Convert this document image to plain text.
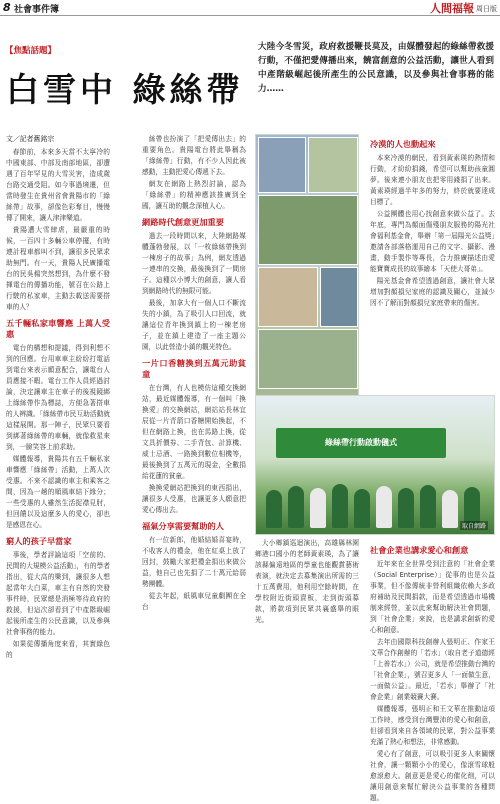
8 社會事件簿	人間福報 周日版
【焦點話題】
白雪中 綠絲帶
大陸今冬雪災，政府救援鞭長莫及，由媒體發起的綠絲帶救援行動，不僅把愛傳播出來，饒富創意的公益活動，讓世人看到中產階級崛起後所產生的公民意識，以及參與社會事務的能力……
文／記者舊銘宗

春節前，本來多天當不太寧冷的中國東部、中部及南部地區，卻遭遇了百年罕見的大雪災害，造成歲台路交通受阻。如今事過境遷，但當時發生在貴州省會貴陽市的「綠絲帶」故事，卻像色彩奪目，慢慢傳了開來，讓人津津樂道。

貴陽遭大雪肆虐，最嚴重的時候，一百四十多輛公車停擺，有時連計程車都叫不到，讓很多民眾求助無門。有一天，貴陽人民廣播電台的民吳楊突然想到，為什麼不發揮電台的傳播功能，號召在公路上行駛的私家車，主動去載送需要搭車的人？

五千輛私家車響應 上萬人受惠

電台的構想和提議，得到利想不到的回應。台用車車主紛紛打電話到電台來表示願意配合，讓電台人員應接不暇。電台工作人員經過討論，決定讓車主在車子的後視鏡綁上綠絲帶作為標誌，方便急著搭車的人辨識。「綠絲帶市民互助活動就這樣展開。那一陣子，民眾只要看到綁著綠絲帶的車輛，就像救星來到，一臉笑容上前求助。

媒體報導，貴陽共有五千輛私家車響應「綠絲帶」活動，上萬人次受惠。不來不認識的車主和乘客之間，因為一趟的順風車結下緣分；一些受惠的人雖然生活捉襟見肘，但回饋以及這麼多人的愛心，卻也是感恩在心。

窮人的孩子早當家

事後，學者評論這項「空前的、民間的大規模公益活動」，有的學者指出，從大高的樂到，讓很多人想起當年大白菜，車主有自然的突發事件時，民眾總是消極等待政府的救援，但這次卻看到了中產階級崛起後所產生的公民意識，以及參與社會事務的能力。

如果從傳播角度來看，其實綠色的

絲帶也扮演了「把愛傳出去」的重要角色。貴陽電台將此舉稱為「綠絲帶」行動，有不少人因此被感動，主動把愛心傳遞下去。

網友在網路上熱烈討論，認為「綠絲帶」的精神應該推廣到全國，讓互助的觀念深植人心。

網路時代創意更加重要

過去一段時間以來，大陸網路媒體蓬勃發展，以「一枚綠絲帶換到一棟房子的故事」為例，網友透過一連串的交換，最後換到了一間房子。這種以小博大的創意，讓人看到網路時代的無限可能。

最後，加拿大有一個人口不斷流失的小鎮，為了吸引人口回流，就讓這位青年換到鎮上的一棟老房子，並在鎮上建造了一座主題公園，以此營造小鎮的觀光特色。

一片口香糖換到五萬元助貧童

在台灣，有人也模仿這種交換網站，最近媒體報導，有一個叫「換換愛」的交換網站，網站站長林宜辰從一片青箭口香糖開始換起，不但在網路上換，也在馬路上換，從文具折價券、二手背包、計算機、威士忌酒、一路換到數位相機等，最後換到了五萬元的現金，全數捐給花蓮的貧童。

換換愛網站把換到的東西捐出，讓很多人受惠，也讓更多人願意把愛心傳出去。

福氣分享需要幫助的人

有一位新郎，他婚結婚喜宴時，不收客人的禮金，他在紅桌上放了回封，鼓勵大家把禮金捐出來做公益，他自己也先捐了二十萬元給弱勢團體。

從去年起，紙風車兒童劇團在全台

綠絲帶行動啟動儀式
取自網路

大小鄉鎮巡迴演出，高雄縣林園鄉港口國小的老師黃素瑛，為了讓該縣偏遠地區的學童也能觀賞藝術表演，就決定去募集演出所需的三十五萬費用，他利用空餘時間，在學校附近街頭賣板，走到街頭募款，將款項到民眾共襄盛舉的眼光。

冷漠的人也動起來

本來冷漠的網民，看到黃素瑛的熱情和行動，才紛紛捐錢，希望可以幫助孩童圓夢。後來連小朋友也把零用錢捐了出來。黃素瑛經過半年多的努力，終於就要達成目標了。

公益團體也用心找創意來做公益了。去年底，專門為顏面傷殘朋友服務的陽光社會福利基金會，舉辦「第一屆陽光公益獎」邀請各部落格運用自己的文字、攝影、漫畫，動手製作等專長，合力推廣描述由愛能寶寶成長的故事繪本「天使大哥弟」。

陽光基金會希望透過創意，讓社會大眾增加對顏損兒家庭的認識及關心，並減少因不了解而對顏損兒家庭帶來的傷害。

社會企業也講求愛心和創意

近年來在全世界受到注意的「社會企業（Social Enterprise）」從事的也是公益事業，但不像傳統非營利組織依賴大多政府補助及民間捐款，而是希望透過市場機制來經營，並以此來幫助解決社會問題，到「社會企業」來說，也是講求創新的愛心和創意。

去年由國際科技創辦人張明正、作家王文華合作創辦的「若水」（取自老子道德經「上善若水」）公司，就是希望推動台灣的「社會企業」，號召更多人「一面做生意，一面做公益」。最近，「若水」舉辦了「社會企業」創業競賽大賽。

媒體報導，張明正和王文華在推動這項工作時，感受到台灣豐沛的愛心和創意，但卻看到來自各領域的民眾，對公益事業充滿了熱心和想法，非常感動。

愛心有了創意，可以吸引更多人來關懷社會，讓一顆顆小小的愛心，像滾雪球般愈滾愈大。創意更是愛心的催化劑，可以讓用創意來幫忙解決公益事業的各種問題。
